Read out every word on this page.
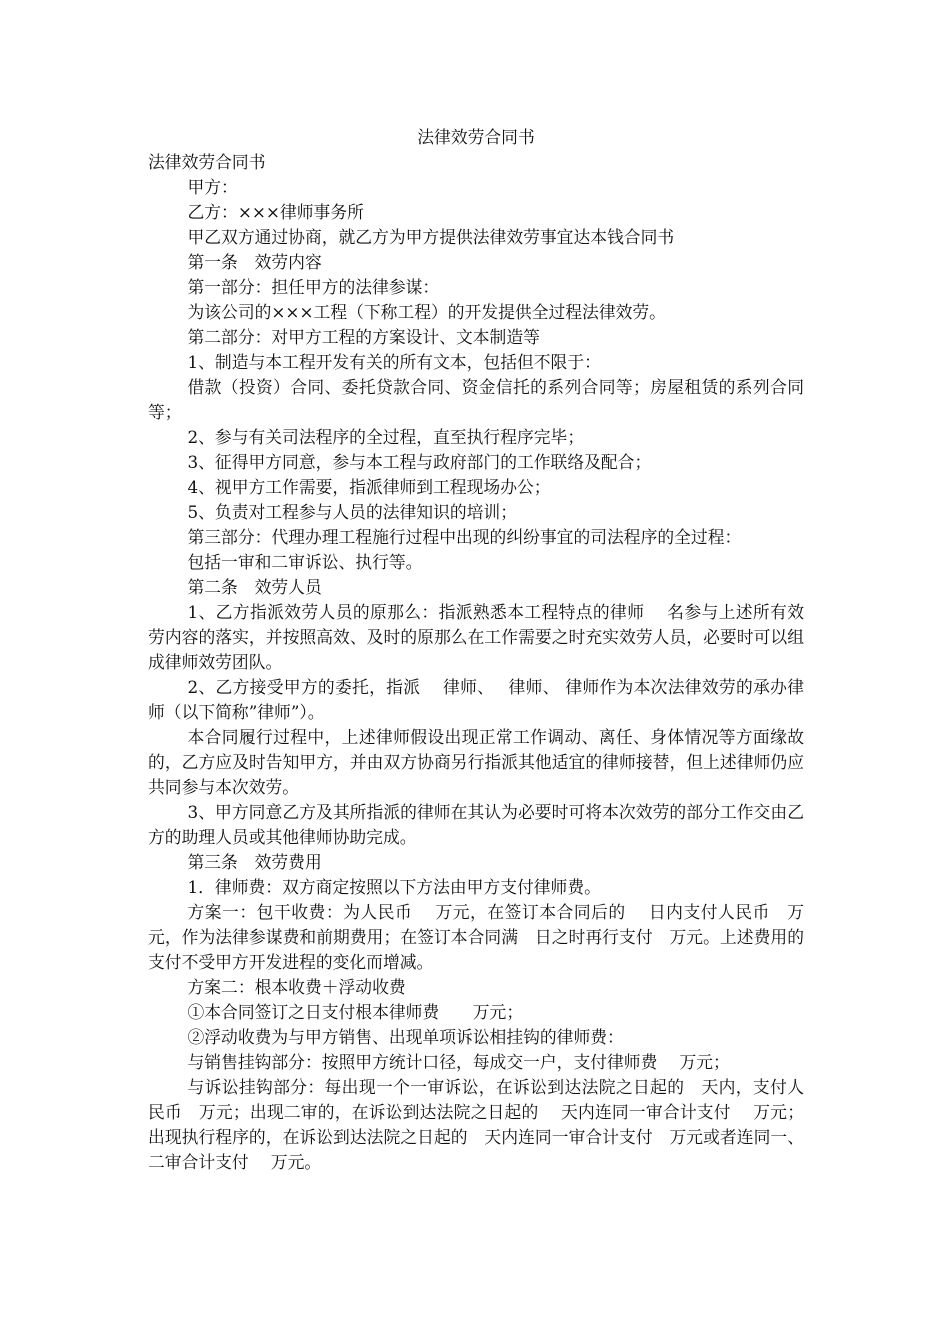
法律效劳合同书

法律效劳合同书

甲方：

乙方：×××律师事务所

甲乙双方通过协商，就乙方为甲方提供法律效劳事宜达本钱合同书

第一条　效劳内容

第一部分：担任甲方的法律参谋：

为该公司的×××工程（下称工程）的开发提供全过程法律效劳。

第二部分：对甲方工程的方案设计、文本制造等

1、制造与本工程开发有关的所有文本，包括但不限于：

借款（投资）合同、委托贷款合同、资金信托的系列合同等；房屋租赁的系列合同等；

2、参与有关司法程序的全过程，直至执行程序完毕；

3、征得甲方同意，参与本工程与政府部门的工作联络及配合；

4、视甲方工作需要，指派律师到工程现场办公；

5、负责对工程参与人员的法律知识的培训；

第三部分：代理办理工程施行过程中出现的纠纷事宜的司法程序的全过程：

包括一审和二审诉讼、执行等。

第二条　效劳人员

1、乙方指派效劳人员的原那么：指派熟悉本工程特点的律师　 名参与上述所有效劳内容的落实，并按照高效、及时的原那么在工作需要之时充实效劳人员，必要时可以组成律师效劳团队。

2、乙方接受甲方的委托，指派　 律师、　 律师、 律师作为本次法律效劳的承办律师（以下简称”律师”）。

本合同履行过程中，上述律师假设出现正常工作调动、离任、身体情况等方面缘故的，乙方应及时告知甲方，并由双方协商另行指派其他适宜的律师接替，但上述律师仍应共同参与本次效劳。

3、甲方同意乙方及其所指派的律师在其认为必要时可将本次效劳的部分工作交由乙方的助理人员或其他律师协助完成。

第三条　效劳费用

1．律师费：双方商定按照以下方法由甲方支付律师费。

方案一：包干收费：为人民币　 万元，在签订本合同后的　 日内支付人民币　万元，作为法律参谋费和前期费用；在签订本合同满　日之时再行支付　万元。上述费用的支付不受甲方开发进程的变化而增减。

方案二：根本收费＋浮动收费

①本合同签订之日支付根本律师费　　万元；

②浮动收费为与甲方销售、出现单项诉讼相挂钩的律师费：

与销售挂钩部分：按照甲方统计口径，每成交一户，支付律师费　 万元；

与诉讼挂钩部分：每出现一个一审诉讼，在诉讼到达法院之日起的　天内，支付人民币　万元；出现二审的，在诉讼到达法院之日起的　 天内连同一审合计支付　 万元；出现执行程序的，在诉讼到达法院之日起的　天内连同一审合计支付　万元或者连同一、二审合计支付　 万元。
